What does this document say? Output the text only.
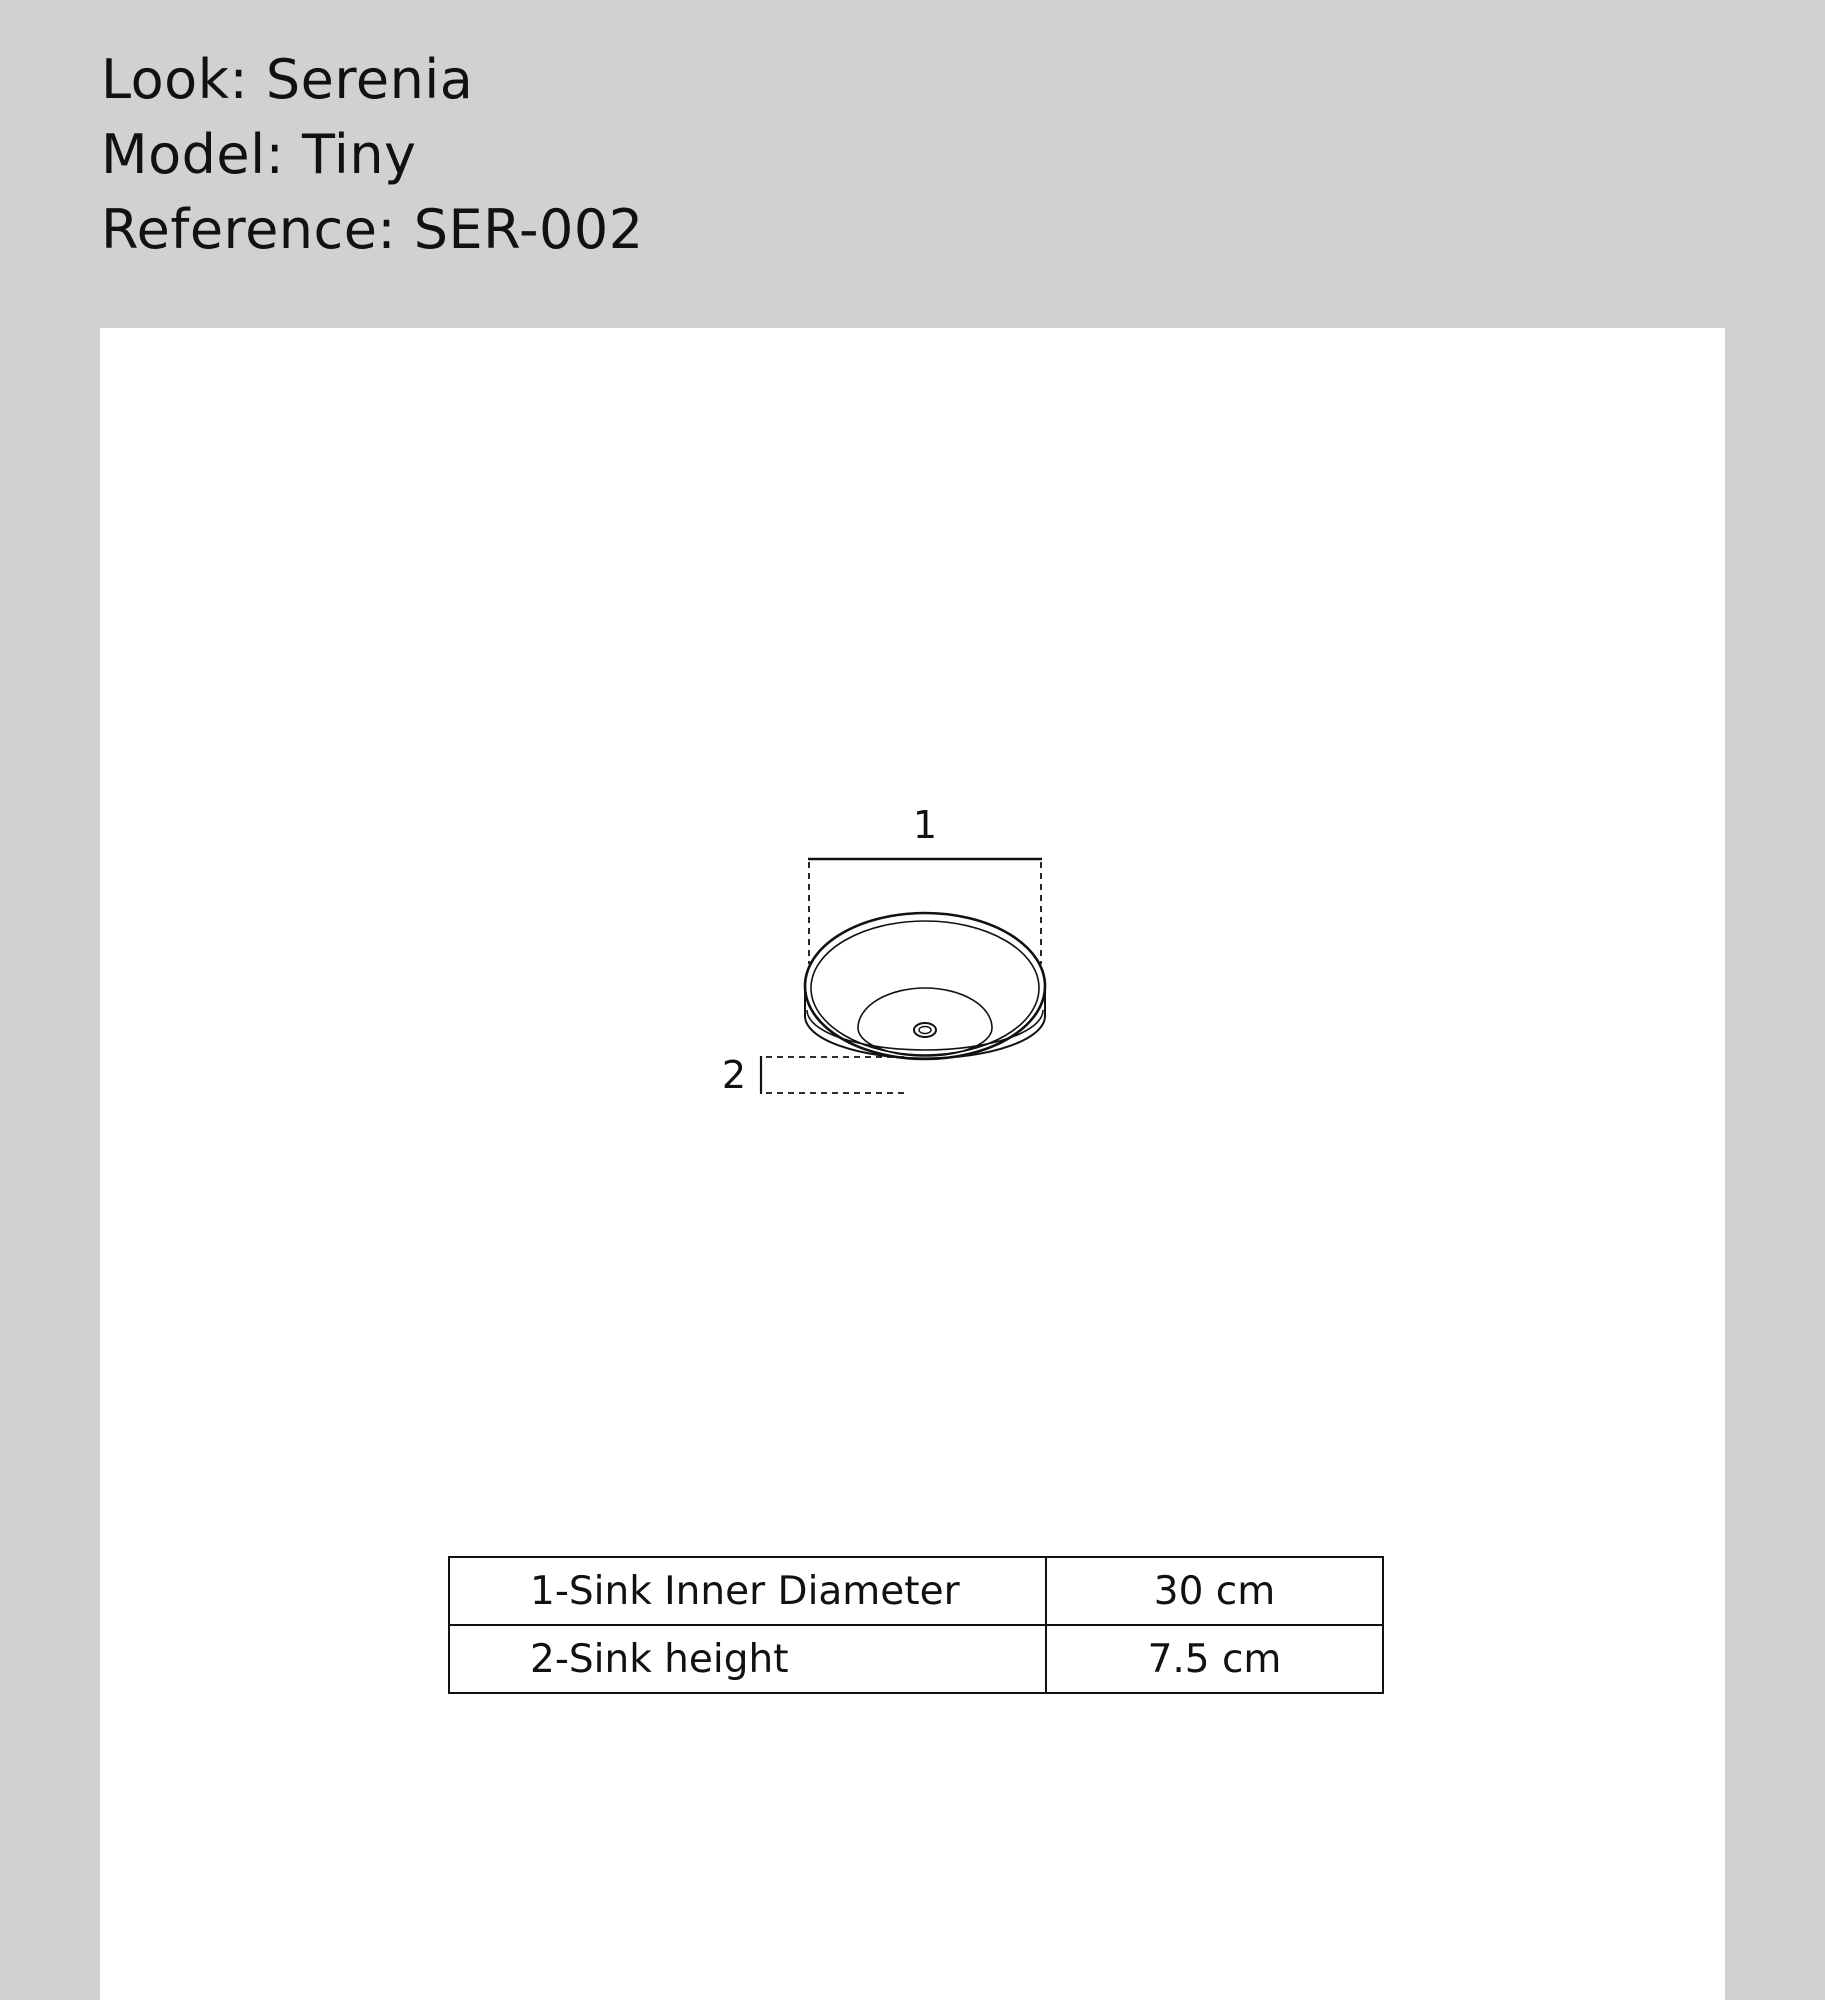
Look: Serenia
Model: Tiny
Reference: SER-002
1
2
1-Sink Inner Diameter	30 cm
2-Sink height	7.5 cm
